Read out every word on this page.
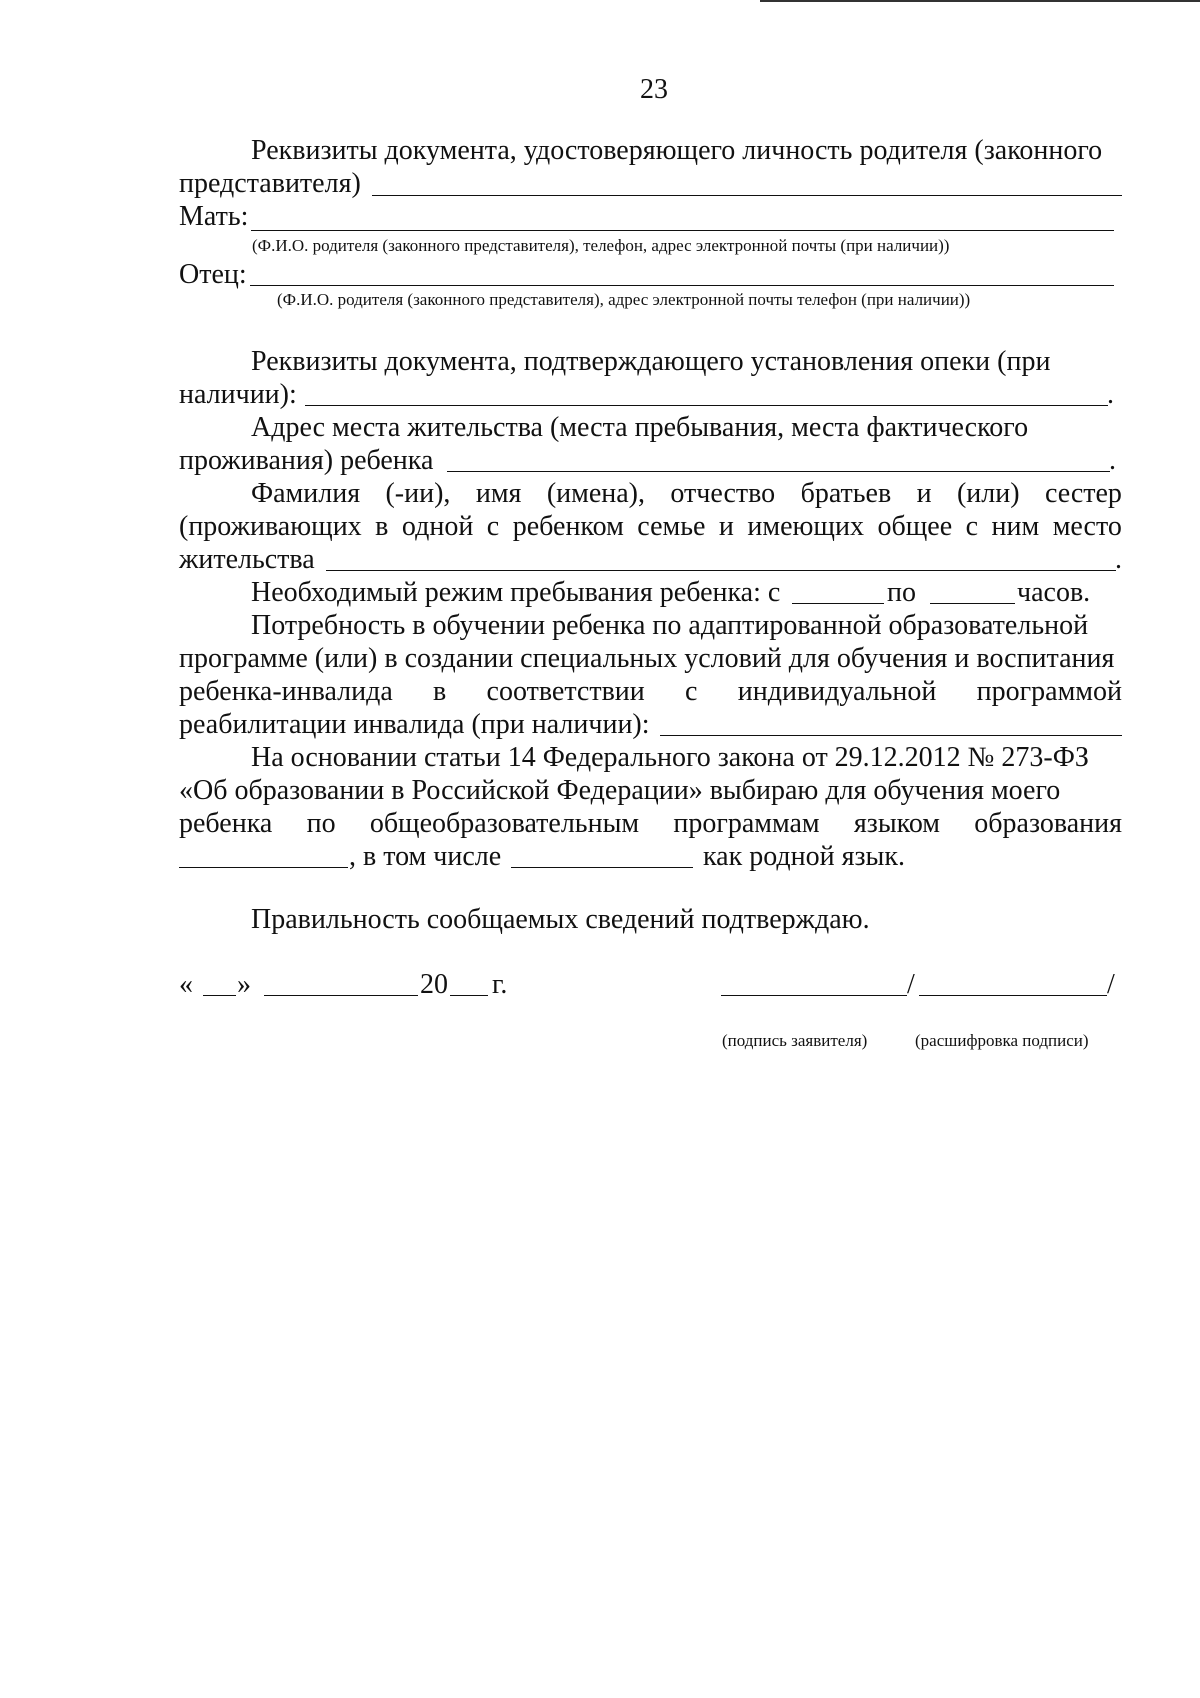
23
Реквизиты документа, удостоверяющего личность родителя (законного
представителя)
Мать:
(Ф.И.О. родителя (законного представителя), телефон, адрес электронной почты (при наличии))
Отец:
(Ф.И.О. родителя (законного представителя), адрес электронной почты телефон (при наличии))
Реквизиты документа, подтверждающего установления опеки (при
наличии):	.
Адрес места жительства (места пребывания, места фактического
проживания) ребенка	.
Фамилия (-ии), имя (имена), отчество братьев и (или) сестер
(проживающих в одной с ребенком семье и имеющих общее с ним место
жительства	.
Необходимый режим пребывания ребенка: с	по	часов.
Потребность в обучении ребенка по адаптированной образовательной
программе (или) в создании специальных условий для обучения и воспитания
ребенка-инвалида в соответствии с индивидуальной программой
реабилитации инвалида (при наличии):
На основании статьи 14 Федерального закона от 29.12.2012 № 273-ФЗ
«Об образовании в Российской Федерации» выбираю для обучения моего
ребенка по общеобразовательным программам языком образования
, в том числе	как родной язык.
Правильность сообщаемых сведений подтверждаю.
« »	20 г.	/	/
(подпись заявителя)	(расшифровка подписи)
